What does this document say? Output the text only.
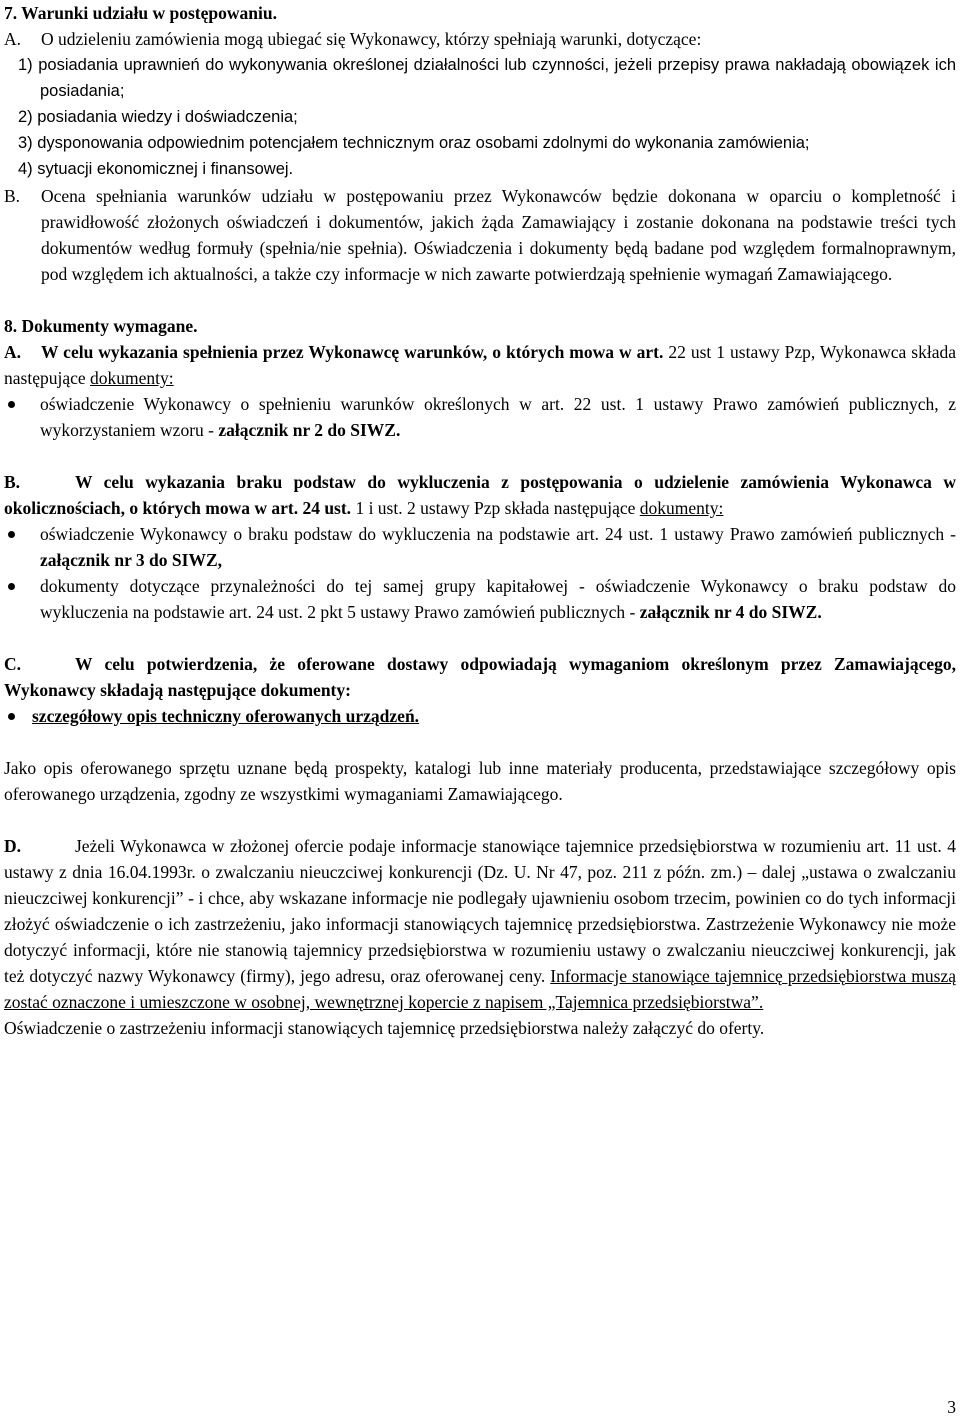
7. Warunki udziału w postępowaniu.

A. O udzieleniu zamówienia mogą ubiegać się Wykonawcy, którzy spełniają warunki, dotyczące:

1) posiadania uprawnień do wykonywania określonej działalności lub czynności, jeżeli przepisy prawa nakładają obowiązek ich posiadania;

2) posiadania wiedzy i doświadczenia;

3) dysponowania odpowiednim potencjałem technicznym oraz osobami zdolnymi do wykonania zamówienia;

4) sytuacji ekonomicznej i finansowej.

B. Ocena spełniania warunków udziału w postępowaniu przez Wykonawców będzie dokonana w oparciu o kompletność i prawidłowość złożonych oświadczeń i dokumentów, jakich żąda Zamawiający i zostanie dokonana na podstawie treści tych dokumentów według formuły (spełnia/nie spełnia). Oświadczenia i dokumenty będą badane pod względem formalnoprawnym, pod względem ich aktualności, a także czy informacje w nich zawarte potwierdzają spełnienie wymagań Zamawiającego.

8. Dokumenty wymagane.

A. W celu wykazania spełnienia przez Wykonawcę warunków, o których mowa w art. 22 ust 1 ustawy Pzp, Wykonawca składa następujące dokumenty:

oświadczenie Wykonawcy o spełnieniu warunków określonych w art. 22 ust. 1 ustawy Prawo zamówień publicznych, z wykorzystaniem wzoru - załącznik nr 2 do SIWZ.

B.	W celu wykazania braku podstaw do wykluczenia z postępowania o udzielenie zamówienia Wykonawca w okolicznościach, o których mowa w art. 24 ust. 1 i ust. 2 ustawy Pzp składa następujące dokumenty:

oświadczenie Wykonawcy o braku podstaw do wykluczenia na podstawie art. 24 ust. 1 ustawy Prawo zamówień publicznych - załącznik nr 3 do SIWZ,
dokumenty dotyczące przynależności do tej samej grupy kapitałowej - oświadczenie Wykonawcy o braku podstaw do wykluczenia na podstawie art. 24 ust. 2 pkt 5 ustawy Prawo zamówień publicznych - załącznik nr 4 do SIWZ.

C.	W celu potwierdzenia, że oferowane dostawy odpowiadają wymaganiom określonym przez Zamawiającego, Wykonawcy składają następujące dokumenty:

szczegółowy opis techniczny oferowanych urządzeń.

Jako opis oferowanego sprzętu uznane będą prospekty, katalogi lub inne materiały producenta, przedstawiające szczegółowy opis oferowanego urządzenia, zgodny ze wszystkimi wymaganiami Zamawiającego.

D.	Jeżeli Wykonawca w złożonej ofercie podaje informacje stanowiące tajemnice przedsiębiorstwa w rozumieniu art. 11 ust. 4 ustawy z dnia 16.04.1993r. o zwalczaniu nieuczciwej konkurencji (Dz. U. Nr 47, poz. 211 z późn. zm.) – dalej „ustawa o zwalczaniu nieuczciwej konkurencji” - i chce, aby wskazane informacje nie podlegały ujawnieniu osobom trzecim, powinien co do tych informacji złożyć oświadczenie o ich zastrzeżeniu, jako informacji stanowiących tajemnicę przedsiębiorstwa. Zastrzeżenie Wykonawcy nie może dotyczyć informacji, które nie stanowią tajemnicy przedsiębiorstwa w rozumieniu ustawy o zwalczaniu nieuczciwej konkurencji, jak też dotyczyć nazwy Wykonawcy (firmy), jego adresu, oraz oferowanej ceny. Informacje stanowiące tajemnicę przedsiębiorstwa muszą zostać oznaczone i umieszczone w osobnej, wewnętrznej kopercie z napisem „Tajemnica przedsiębiorstwa”.

Oświadczenie o zastrzeżeniu informacji stanowiących tajemnicę przedsiębiorstwa należy załączyć do oferty.

3
